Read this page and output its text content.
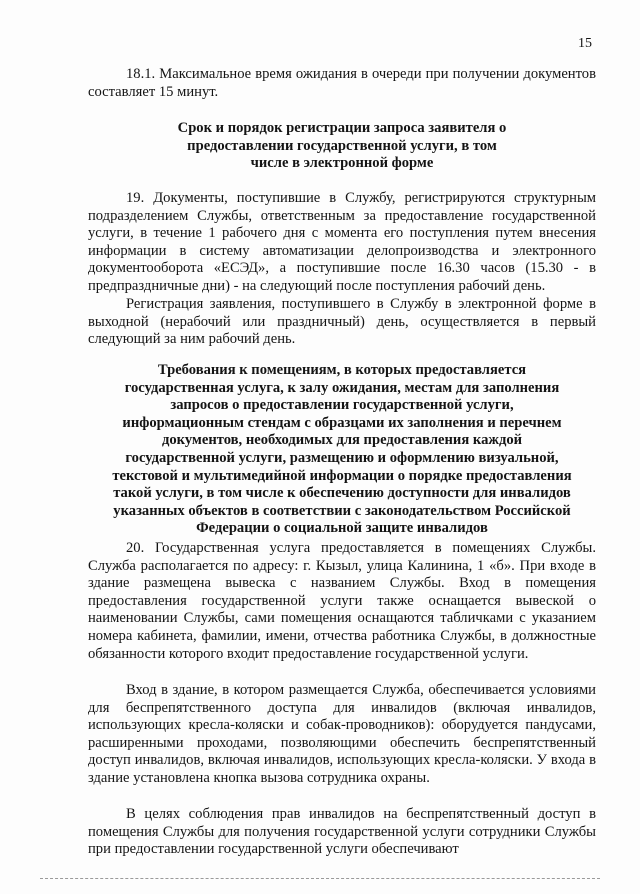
15

18.1. Максимальное время ожидания в очереди при получении документов составляет 15 минут.

Срок и порядок регистрации запроса заявителя о предоставлении государственной услуги, в том числе в электронной форме

19. Документы, поступившие в Службу, регистрируются структурным подразделением Службы, ответственным за предоставление государственной услуги, в течение 1 рабочего дня с момента его поступления путем внесения информации в систему автоматизации делопроизводства и электронного документооборота «ЕСЭД», а поступившие после 16.30 часов (15.30 - в предпраздничные дни) - на следующий после поступления рабочий день.

Регистрация заявления, поступившего в Службу в электронной форме в выходной (нерабочий или праздничный) день, осуществляется в первый следующий за ним рабочий день.

Требования к помещениям, в которых предоставляется государственная услуга, к залу ожидания, местам для заполнения запросов о предоставлении государственной услуги, информационным стендам с образцами их заполнения и перечнем документов, необходимых для предоставления каждой государственной услуги, размещению и оформлению визуальной, текстовой и мультимедийной информации о порядке предоставления такой услуги, в том числе к обеспечению доступности для инвалидов указанных объектов в соответствии с законодательством Российской Федерации о социальной защите инвалидов

20. Государственная услуга предоставляется в помещениях Службы. Служба располагается по адресу: г. Кызыл, улица Калинина, 1 «б». При входе в здание размещена вывеска с названием Службы. Вход в помещения предоставления государственной услуги также оснащается вывеской о наименовании Службы, сами помещения оснащаются табличками с указанием номера кабинета, фамилии, имени, отчества работника Службы, в должностные обязанности которого входит предоставление государственной услуги.

Вход в здание, в котором размещается Служба, обеспечивается условиями для беспрепятственного доступа для инвалидов (включая инвалидов, использующих кресла-коляски и собак-проводников): оборудуется пандусами, расширенными проходами, позволяющими обеспечить беспрепятственный доступ инвалидов, включая инвалидов, использующих кресла-коляски. У входа в здание установлена кнопка вызова сотрудника охраны.

В целях соблюдения прав инвалидов на беспрепятственный доступ в помещения Службы для получения государственной услуги сотрудники Службы при предоставлении государственной услуги обеспечивают
